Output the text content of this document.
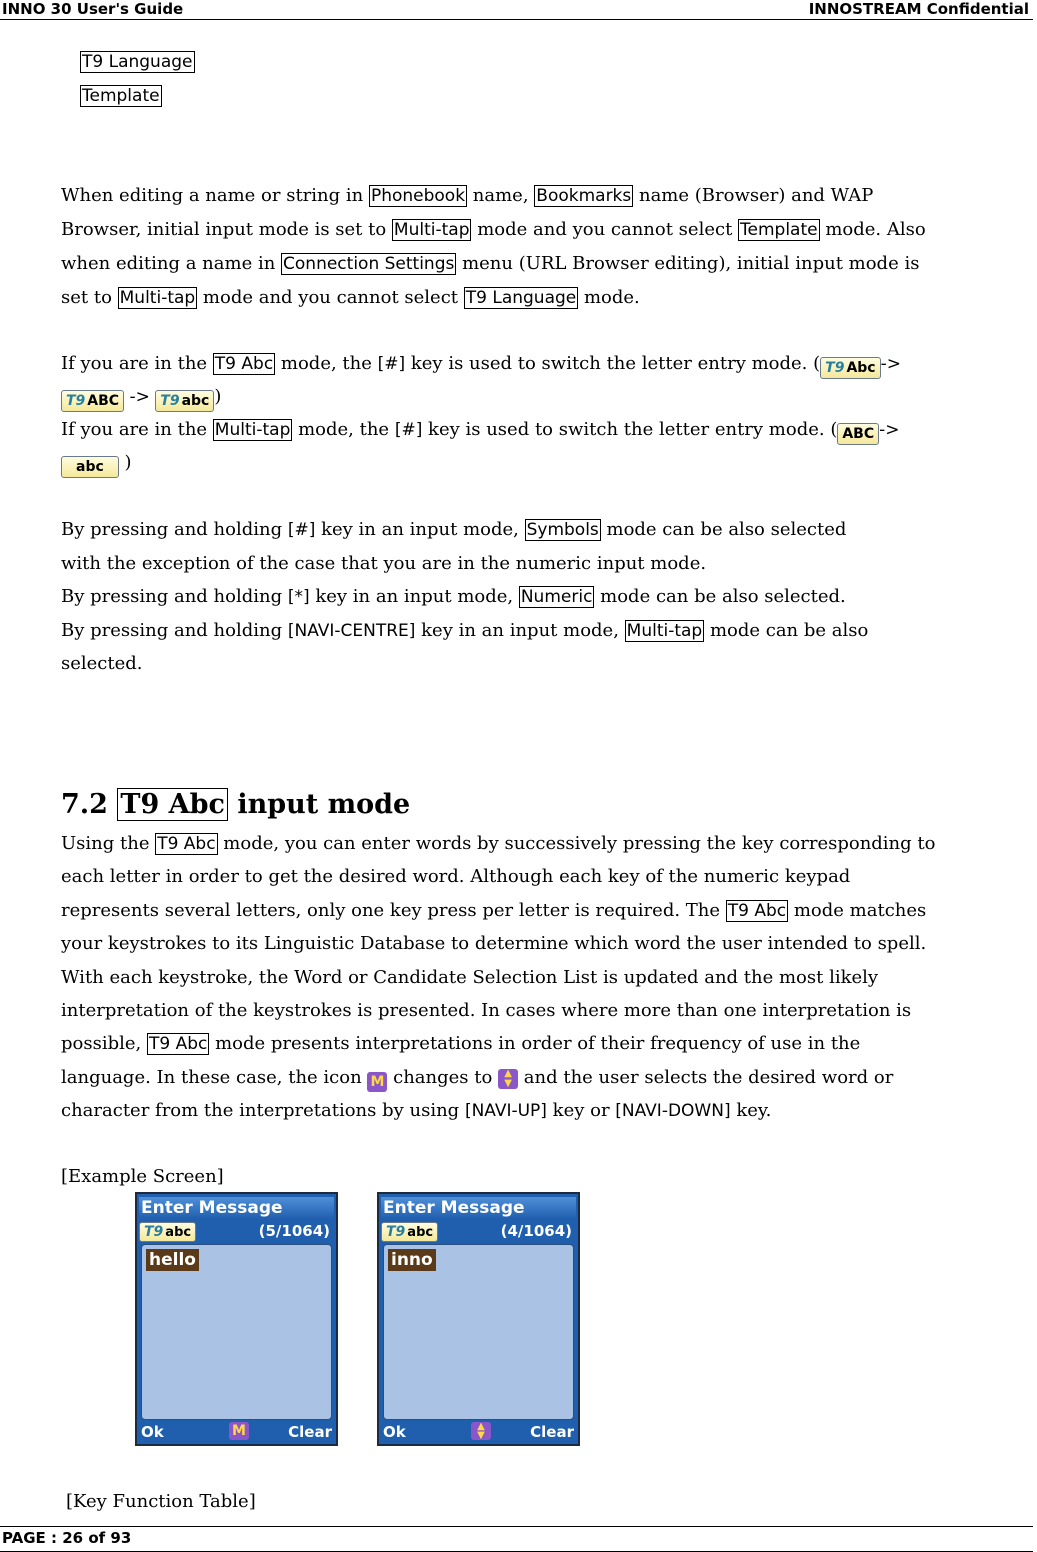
INNO 30 User's Guide	INNOSTREAM Confidential
T9 Language
Template
When editing a name or string in Phonebook name, Bookmarks name (Browser) and WAP
Browser, initial input mode is set to Multi-tap mode and you cannot select Template mode. Also
when editing a name in Connection Settings menu (URL Browser editing), initial input mode is
set to Multi-tap mode and you cannot select T9 Language mode.
If you are in the T9 Abc mode, the [#] key is used to switch the letter entry mode. ( T9 Abc ->
T9 ABC -> T9 abc )
If you are in the Multi-tap mode, the [#] key is used to switch the letter entry mode. ( ABC ->
abc )
By pressing and holding [#] key in an input mode, Symbols mode can be also selected
with the exception of the case that you are in the numeric input mode.
By pressing and holding [*] key in an input mode, Numeric mode can be also selected.
By pressing and holding [NAVI-CENTRE] key in an input mode, Multi-tap mode can be also
selected.
7.2 T9 Abc input mode
Using the T9 Abc mode, you can enter words by successively pressing the key corresponding to
each letter in order to get the desired word. Although each key of the numeric keypad
represents several letters, only one key press per letter is required. The T9 Abc mode matches
your keystrokes to its Linguistic Database to determine which word the user intended to spell.
With each keystroke, the Word or Candidate Selection List is updated and the most likely
interpretation of the keystrokes is presented. In cases where more than one interpretation is
possible, T9 Abc mode presents interpretations in order of their frequency of use in the
language. In these case, the icon M changes to ▲
▼ and the user selects the desired word or
character from the interpretations by using [NAVI-UP] key or [NAVI-DOWN] key.
[Example Screen]
Enter Message
T9 abc	(5/1064)
hello
Ok	M	Clear
Enter Message
T9 abc	(4/1064)
inno
Ok	▲
▼	Clear
[Key Function Table]
PAGE : 26 of 93
